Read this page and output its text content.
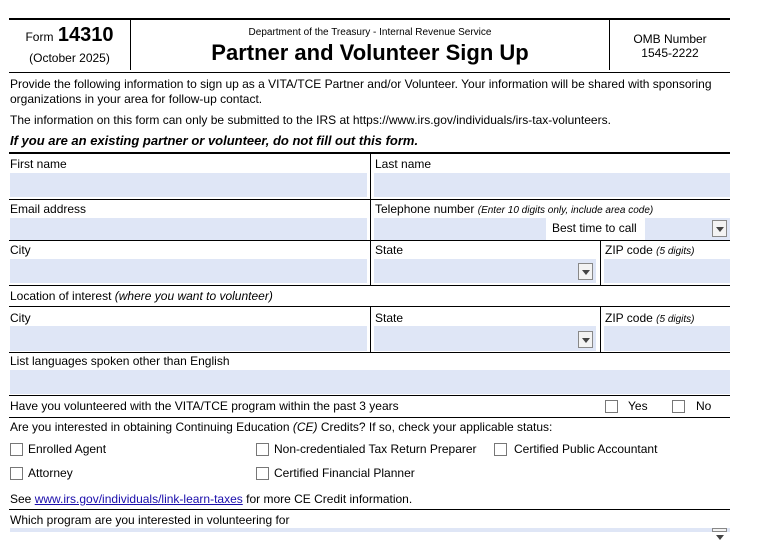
Form 14310
(October 2025)
Department of the Treasury - Internal Revenue Service
Partner and Volunteer Sign Up
OMB Number
1545-2222
Provide the following information to sign up as a VITA/TCE Partner and/or Volunteer. Your information will be shared with sponsoring
organizations in your area for follow-up contact.
The information on this form can only be submitted to the IRS at https://www.irs.gov/individuals/irs-tax-volunteers.
If you are an existing partner or volunteer, do not fill out this form.
First name	Last name
Email address	Telephone number (Enter 10 digits only, include area code)
Best time to call
City	State	ZIP code (5 digits)
Location of interest (where you want to volunteer)
City	State	ZIP code (5 digits)
List languages spoken other than English
Have you volunteered with the VITA/TCE program within the past 3 years	Yes	No
Are you interested in obtaining Continuing Education (CE) Credits? If so, check your applicable status:
Enrolled Agent	Non-credentialed Tax Return Preparer	Certified Public Accountant
Attorney	Certified Financial Planner
See www.irs.gov/individuals/link-learn-taxes for more CE Credit information.
Which program are you interested in volunteering for
